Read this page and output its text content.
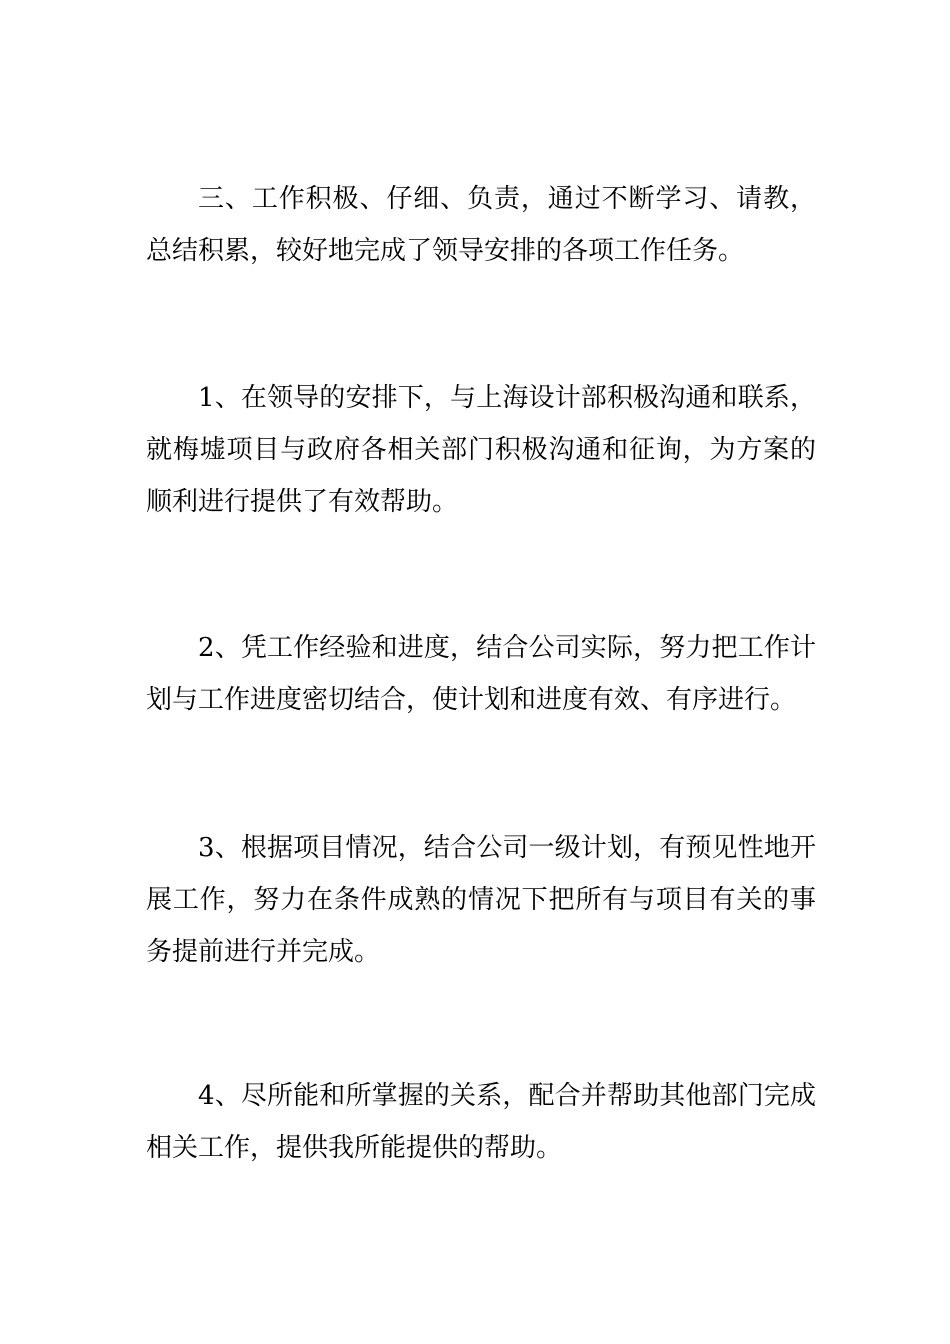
三、工作积极、仔细、负责，通过不断学习、请教，总结积累，较好地完成了领导安排的各项工作任务。

1、在领导的安排下，与上海设计部积极沟通和联系，就梅墟项目与政府各相关部门积极沟通和征询，为方案的顺利进行提供了有效帮助。

2、凭工作经验和进度，结合公司实际，努力把工作计划与工作进度密切结合，使计划和进度有效、有序进行。

3、根据项目情况，结合公司一级计划，有预见性地开展工作，努力在条件成熟的情况下把所有与项目有关的事务提前进行并完成。

4、尽所能和所掌握的关系，配合并帮助其他部门完成相关工作，提供我所能提供的帮助。
